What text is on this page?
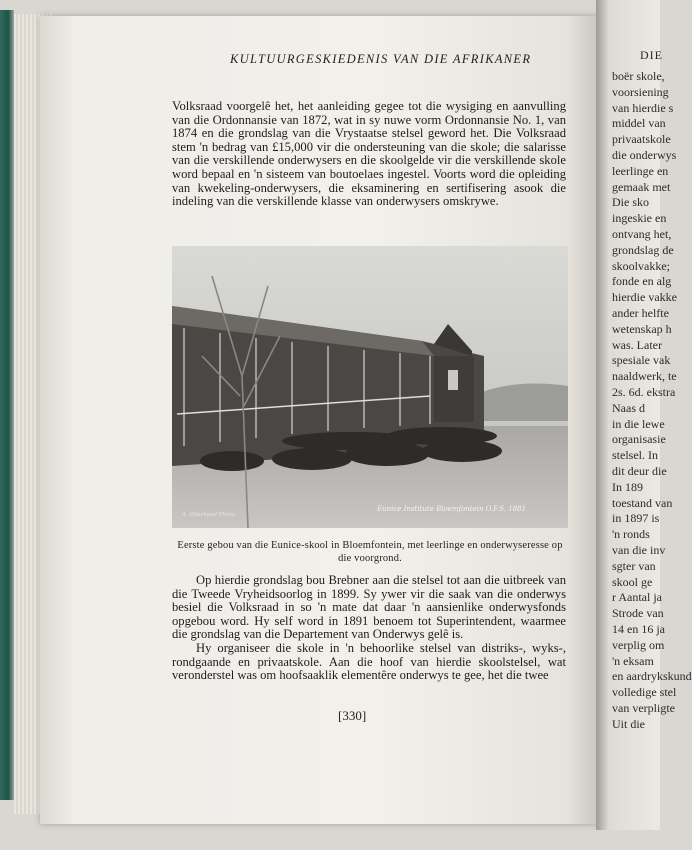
DIE
boër skole,
voorsiening
van hierdie s
middel van
privaatskole
die onderwys
leerlinge en
gemaak met
Die sko
ingeskie en
ontvang het,
grondslag de
skoolvakke;
fonde en alg
hierdie vakke
ander helfte
wetenskap h
was. Later
spesiale vak
naaldwerk, te
2s. 6d. ekstra
Naas d
in die lewe
organisasie
stelsel. In
dit deur die
In 189
toestand van
in 1897 is
'n ronds
van die inv
sgter van
skool ge
r Aantal ja
Strode van
14 en 16 ja
verplig om
'n eksam
en aardrykskund
volledige stel
van verpligte
Uit die
KULTUURGESKIEDENIS VAN DIE AFRIKANER
Volksraad voorgelê het, het aanleiding gegee tot die wysiging en aanvulling van die Ordonnansie van 1872, wat in sy nuwe vorm Ordonnansie No. 1, van 1874 en die grondslag van die Vrystaatse stelsel geword het. Die Volksraad stem 'n bedrag van £15,000 vir die ondersteuning van die skole; die salarisse van die verskillende onderwysers en die skoolgelde vir die verskillende skole word bepaal en 'n sisteem van boutoelaes ingestel. Voorts word die opleiding van kwekeling-onderwysers, die eksaminering en sertifisering asook die indeling van die verskillende klasse van onderwysers omskrywe.
Eunice Institute Bloemfontein O.F.S. 1881
A. Ollerhead Photo
Eerste gebou van die Eunice-skool in Bloemfontein, met leerlinge en onderwyseresse op die voorgrond.
Op hierdie grondslag bou Brebner aan die stelsel tot aan die uitbreek van die Tweede Vryheidsoorlog in 1899. Sy ywer vir die saak van die onderwys besiel die Volksraad in so 'n mate dat daar 'n aansienlike onderwysfonds opgebou word. Hy self word in 1891 benoem tot Superintendent, waarmee die grondslag van die Departement van Onderwys gelê is.
Hy organiseer die skole in 'n behoorlike stelsel van distriks-, wyks-, rondgaande en privaatskole. Aan die hoof van hierdie skoolstelsel, wat veronderstel was om hoofsaaklik elementêre onderwys te gee, het die twee
[330]
